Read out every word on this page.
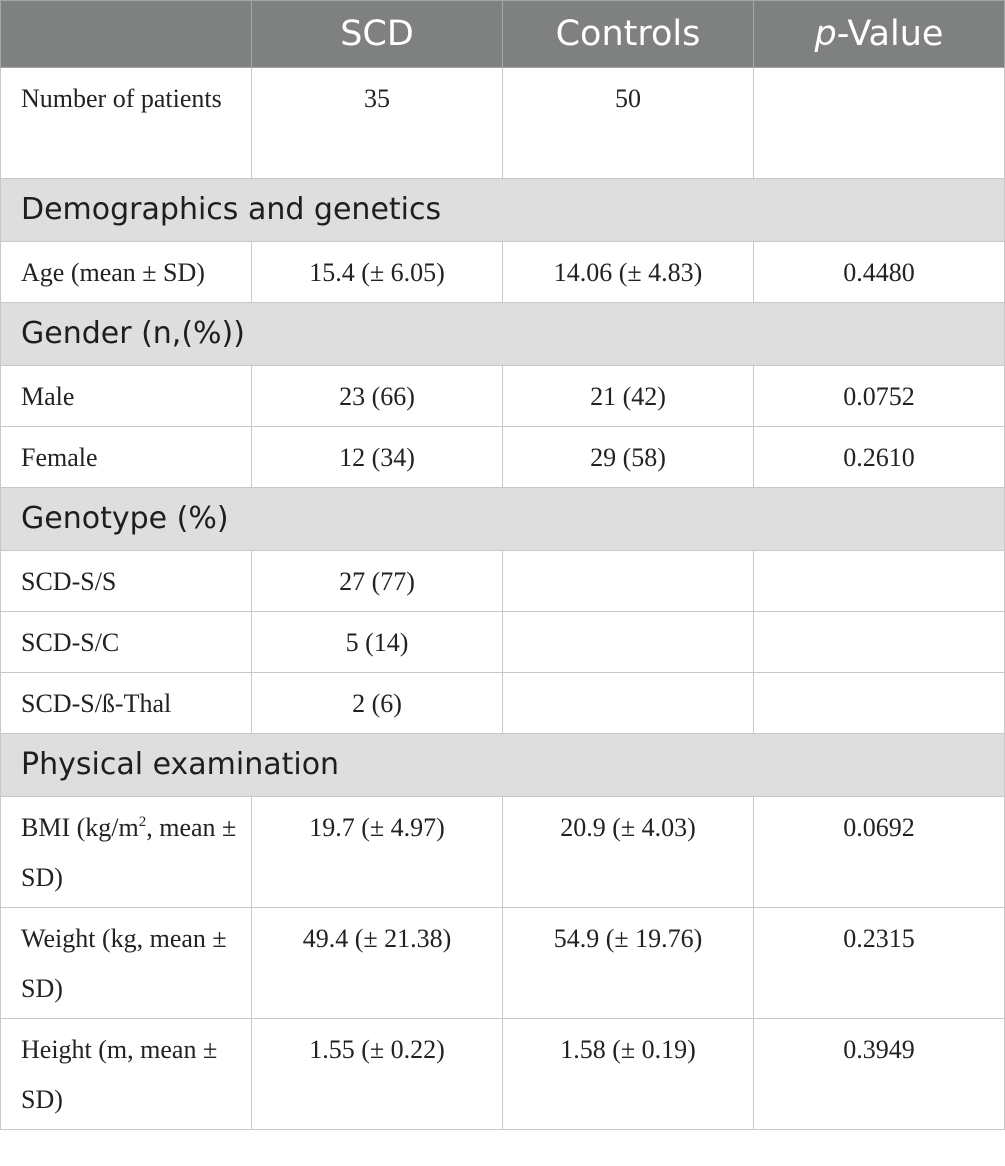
	SCD	Controls	p-Value
Number of patients	35	50	
Demographics and genetics			
Age (mean ± SD)	15.4 (± 6.05)	14.06 (± 4.83)	0.4480
Gender (n,(%))			
Male	23 (66)	21 (42)	0.0752
Female	12 (34)	29 (58)	0.2610
Genotype (%)			
SCD-S/S	27 (77)		
SCD-S/C	5 (14)		
SCD-S/ß-Thal	2 (6)		
Physical examination			
BMI ($kg/m^2$, mean ± SD)	19.7 (± 4.97)	20.9 (± 4.03)	0.0692
Weight (kg, mean ± SD)	49.4 (± 21.38)	54.9 (± 19.76)	0.2315
Height (m, mean ± SD)	1.55 (± 0.22)	1.58 (± 0.19)	0.3949
